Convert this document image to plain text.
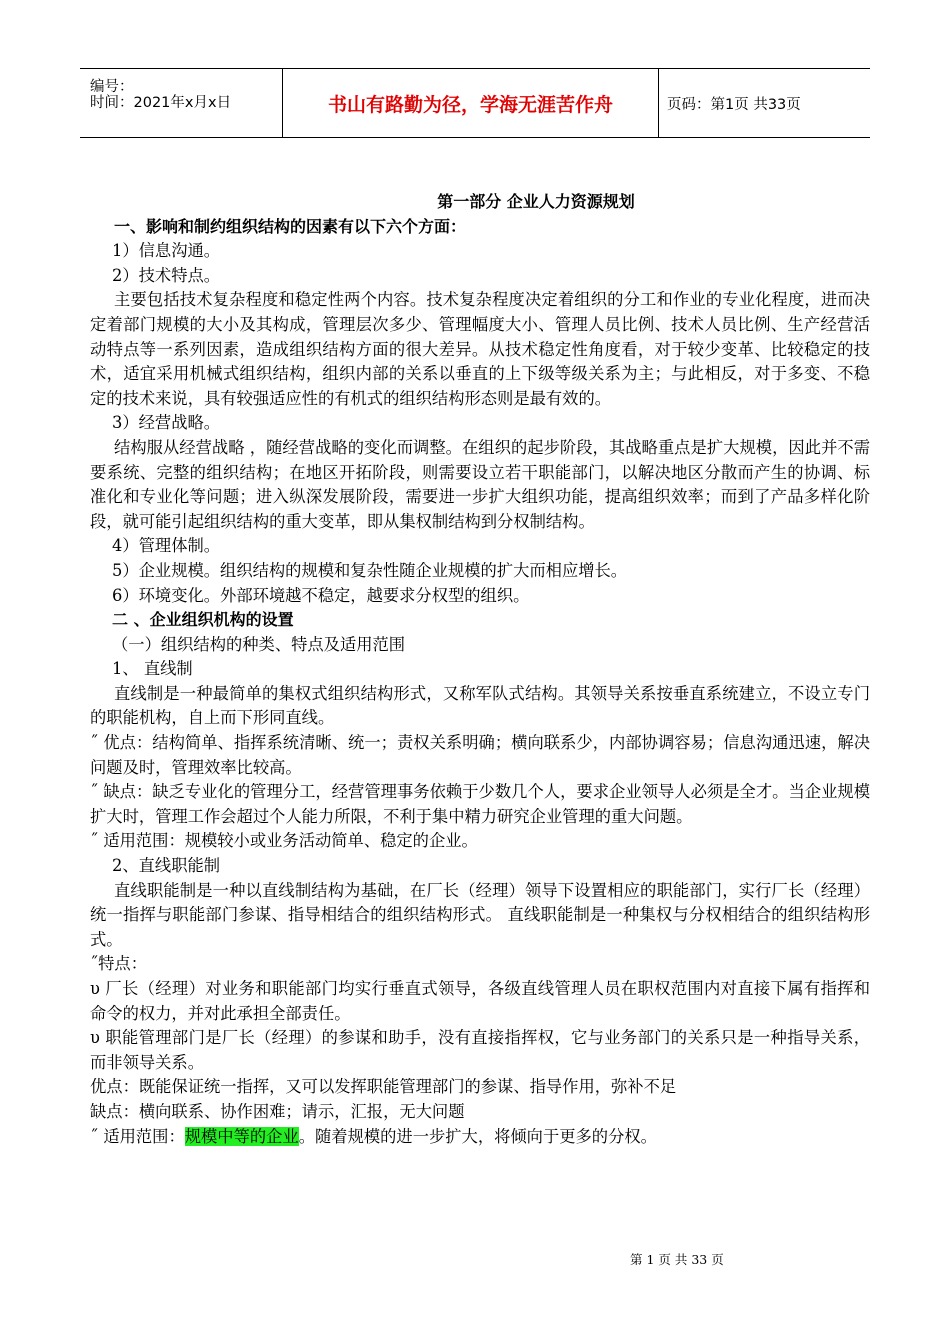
编号：
时间：2021年x月x日	书山有路勤为径，学海无涯苦作舟	页码：第1页 共33页

第一部分 企业人力资源规划

一、影响和制约组织结构的因素有以下六个方面：

1）信息沟通。

2）技术特点。

主要包括技术复杂程度和稳定性两个内容。技术复杂程度决定着组织的分工和作业的专业化程度，进而决定着部门规模的大小及其构成，管理层次多少、管理幅度大小、管理人员比例、技术人员比例、生产经营活动特点等一系列因素，造成组织结构方面的很大差异。从技术稳定性角度看，对于较少变革、比较稳定的技术，适宜采用机械式组织结构，组织内部的关系以垂直的上下级等级关系为主；与此相反，对于多变、不稳定的技术来说，具有较强适应性的有机式的组织结构形态则是最有效的。

3）经营战略。

结构服从经营战略 ，随经营战略的变化而调整。在组织的起步阶段，其战略重点是扩大规模，因此并不需要系统、完整的组织结构；在地区开拓阶段，则需要设立若干职能部门，以解决地区分散而产生的协调、标准化和专业化等问题；进入纵深发展阶段，需要进一步扩大组织功能，提高组织效率；而到了产品多样化阶段，就可能引起组织结构的重大变革，即从集权制结构到分权制结构。

4）管理体制。

5）企业规模。组织结构的规模和复杂性随企业规模的扩大而相应增长。

6）环境变化。外部环境越不稳定，越要求分权型的组织。

二 、企业组织机构的设置

（一）组织结构的种类、特点及适用范围

1、 直线制

直线制是一种最简单的集权式组织结构形式，又称军队式结构。其领导关系按垂直系统建立，不设立专门的职能机构，自上而下形同直线。

˝ 优点：结构简单、指挥系统清晰、统一；责权关系明确；横向联系少，内部协调容易；信息沟通迅速，解决问题及时，管理效率比较高。

˝ 缺点：缺乏专业化的管理分工，经营管理事务依赖于少数几个人，要求企业领导人必须是全才。当企业规模扩大时，管理工作会超过个人能力所限，不利于集中精力研究企业管理的重大问题。

˝ 适用范围：规模较小或业务活动简单、稳定的企业。

2、直线职能制

直线职能制是一种以直线制结构为基础，在厂长（经理）领导下设置相应的职能部门，实行厂长（经理）统一指挥与职能部门参谋、指导相结合的组织结构形式。 直线职能制是一种集权与分权相结合的组织结构形式。

˝特点：

υ 厂长（经理）对业务和职能部门均实行垂直式领导，各级直线管理人员在职权范围内对直接下属有指挥和命令的权力，并对此承担全部责任。

υ 职能管理部门是厂长（经理）的参谋和助手，没有直接指挥权，它与业务部门的关系只是一种指导关系，而非领导关系。

优点：既能保证统一指挥，又可以发挥职能管理部门的参谋、指导作用，弥补不足

缺点：横向联系、协作困难；请示，汇报，无大问题

˝ 适用范围：规模中等的企业。随着规模的进一步扩大，将倾向于更多的分权。

第 1 页 共 33 页
